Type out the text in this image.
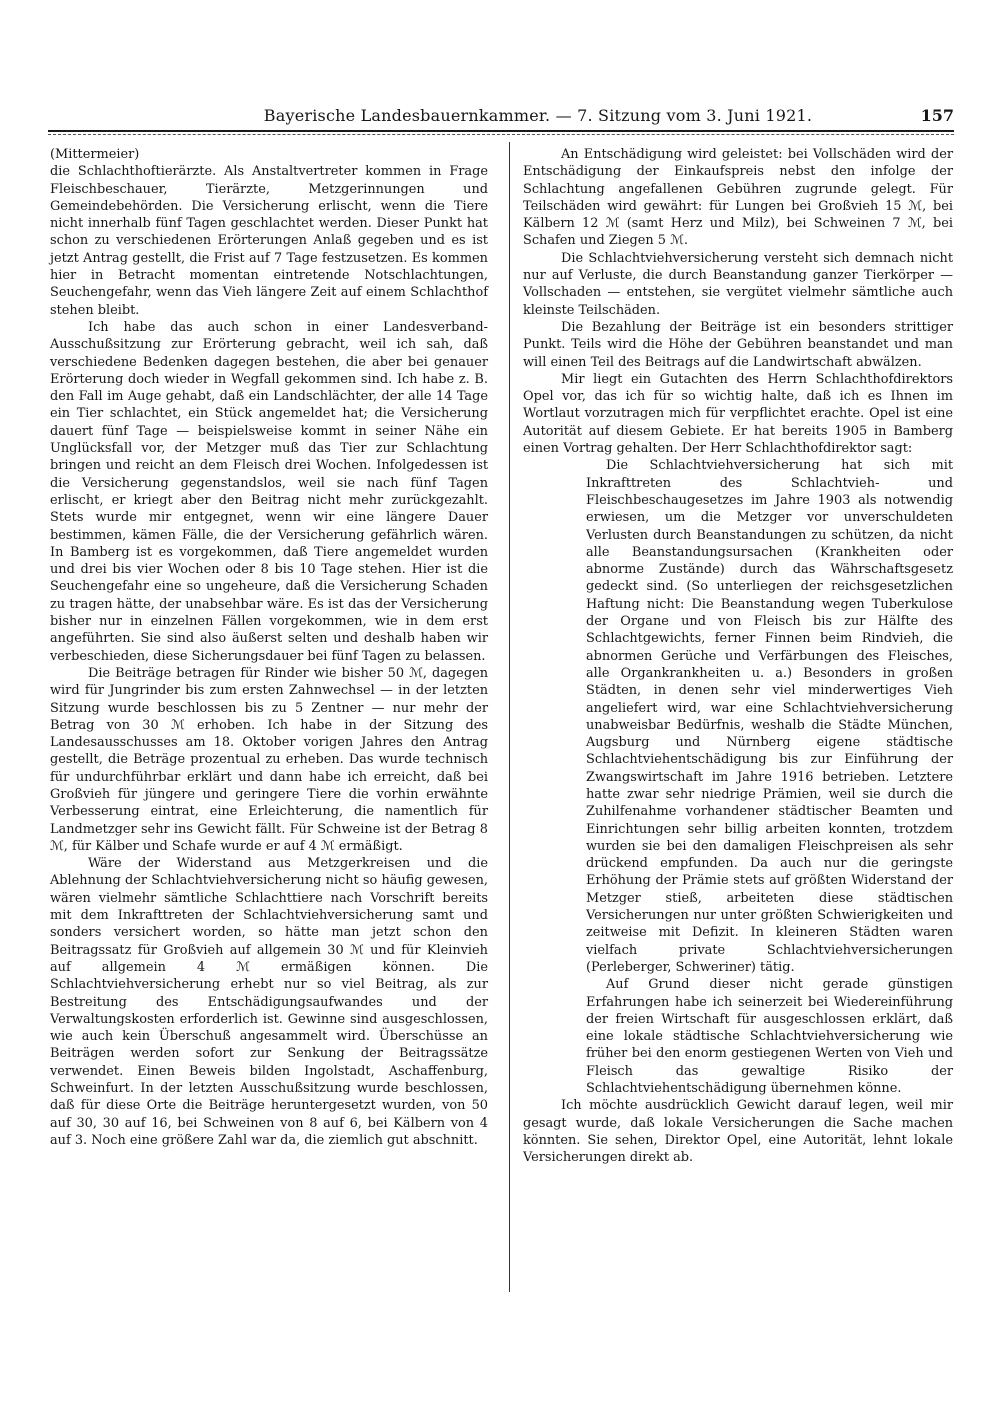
Bayerische Landesbauernkammer. — 7. Sitzung vom 3. Juni 1921.	157

(Mittermeier)

die Schlachthoftierärzte. Als Anstaltvertreter kommen in Frage Fleischbeschauer, Tierärzte, Metzgerinnungen und Gemeindebehörden. Die Versicherung erlischt, wenn die Tiere nicht innerhalb fünf Tagen geschlachtet werden. Dieser Punkt hat schon zu verschiedenen Erörterungen Anlaß gegeben und es ist jetzt Antrag gestellt, die Frist auf 7 Tage festzusetzen. Es kommen hier in Betracht momentan eintretende Notschlachtungen, Seuchengefahr, wenn das Vieh längere Zeit auf einem Schlachthof stehen bleibt.

Ich habe das auch schon in einer Landesverband-Ausschußsitzung zur Erörterung gebracht, weil ich sah, daß verschiedene Bedenken dagegen bestehen, die aber bei genauer Erörterung doch wieder in Wegfall gekommen sind. Ich habe z. B. den Fall im Auge gehabt, daß ein Landschlächter, der alle 14 Tage ein Tier schlachtet, ein Stück angemeldet hat; die Versicherung dauert fünf Tage — beispielsweise kommt in seiner Nähe ein Unglücksfall vor, der Metzger muß das Tier zur Schlachtung bringen und reicht an dem Fleisch drei Wochen. Infolgedessen ist die Versicherung gegenstandslos, weil sie nach fünf Tagen erlischt, er kriegt aber den Beitrag nicht mehr zurückgezahlt. Stets wurde mir entgegnet, wenn wir eine längere Dauer bestimmen, kämen Fälle, die der Versicherung gefährlich wären. In Bamberg ist es vorgekommen, daß Tiere angemeldet wurden und drei bis vier Wochen oder 8 bis 10 Tage stehen. Hier ist die Seuchengefahr eine so ungeheure, daß die Versicherung Schaden zu tragen hätte, der unabsehbar wäre. Es ist das der Versicherung bisher nur in einzelnen Fällen vorgekommen, wie in dem erst angeführten. Sie sind also äußerst selten und deshalb haben wir verbeschieden, diese Sicherungsdauer bei fünf Tagen zu belassen.

Die Beiträge betragen für Rinder wie bisher 50 ℳ, dagegen wird für Jungrinder bis zum ersten Zahnwechsel — in der letzten Sitzung wurde beschlossen bis zu 5 Zentner — nur mehr der Betrag von 30 ℳ erhoben. Ich habe in der Sitzung des Landesausschusses am 18. Oktober vorigen Jahres den Antrag gestellt, die Beträge prozentual zu erheben. Das wurde technisch für undurchführbar erklärt und dann habe ich erreicht, daß bei Großvieh für jüngere und geringere Tiere die vorhin erwähnte Verbesserung eintrat, eine Erleichterung, die namentlich für Landmetzger sehr ins Gewicht fällt. Für Schweine ist der Betrag 8 ℳ, für Kälber und Schafe wurde er auf 4 ℳ ermäßigt.

Wäre der Widerstand aus Metzgerkreisen und die Ablehnung der Schlachtviehversicherung nicht so häufig gewesen, wären vielmehr sämtliche Schlachttiere nach Vorschrift bereits mit dem Inkrafttreten der Schlachtviehversicherung samt und sonders versichert worden, so hätte man jetzt schon den Beitragssatz für Großvieh auf allgemein 30 ℳ und für Kleinvieh auf allgemein 4 ℳ ermäßigen können. Die Schlachtviehversicherung erhebt nur so viel Beitrag, als zur Bestreitung des Entschädigungsaufwandes und der Verwaltungskosten erforderlich ist. Gewinne sind ausgeschlossen, wie auch kein Überschuß angesammelt wird. Überschüsse an Beiträgen werden sofort zur Senkung der Beitragssätze verwendet. Einen Beweis bilden Ingolstadt, Aschaffenburg, Schweinfurt. In der letzten Ausschußsitzung wurde beschlossen, daß für diese Orte die Beiträge heruntergesetzt wurden, von 50 auf 30, 30 auf 16, bei Schweinen von 8 auf 6, bei Kälbern von 4 auf 3. Noch eine größere Zahl war da, die ziemlich gut abschnitt.

An Entschädigung wird geleistet: bei Vollschäden wird der Entschädigung der Einkaufspreis nebst den infolge der Schlachtung angefallenen Gebühren zugrunde gelegt. Für Teilschäden wird gewährt: für Lungen bei Großvieh 15 ℳ, bei Kälbern 12 ℳ (samt Herz und Milz), bei Schweinen 7 ℳ, bei Schafen und Ziegen 5 ℳ.

Die Schlachtviehversicherung versteht sich demnach nicht nur auf Verluste, die durch Beanstandung ganzer Tierkörper — Vollschaden — entstehen, sie vergütet vielmehr sämtliche auch kleinste Teilschäden.

Die Bezahlung der Beiträge ist ein besonders strittiger Punkt. Teils wird die Höhe der Gebühren beanstandet und man will einen Teil des Beitrags auf die Landwirtschaft abwälzen.

Mir liegt ein Gutachten des Herrn Schlachthofdirektors Opel vor, das ich für so wichtig halte, daß ich es Ihnen im Wortlaut vorzutragen mich für verpflichtet erachte. Opel ist eine Autorität auf diesem Gebiete. Er hat bereits 1905 in Bamberg einen Vortrag gehalten. Der Herr Schlachthofdirektor sagt:

Die Schlachtviehversicherung hat sich mit Inkrafttreten des Schlachtvieh- und Fleischbeschaugesetzes im Jahre 1903 als notwendig erwiesen, um die Metzger vor unverschuldeten Verlusten durch Beanstandungen zu schützen, da nicht alle Beanstandungsursachen (Krankheiten oder abnorme Zustände) durch das Währschaftsgesetz gedeckt sind. (So unterliegen der reichsgesetzlichen Haftung nicht: Die Beanstandung wegen Tuberkulose der Organe und von Fleisch bis zur Hälfte des Schlachtgewichts, ferner Finnen beim Rindvieh, die abnormen Gerüche und Verfärbungen des Fleisches, alle Organkrankheiten u. a.) Besonders in großen Städten, in denen sehr viel minderwertiges Vieh angeliefert wird, war eine Schlachtviehversicherung unabweisbar Bedürfnis, weshalb die Städte München, Augsburg und Nürnberg eigene städtische Schlachtviehentschädigung bis zur Einführung der Zwangswirtschaft im Jahre 1916 betrieben. Letztere hatte zwar sehr niedrige Prämien, weil sie durch die Zuhilfenahme vorhandener städtischer Beamten und Einrichtungen sehr billig arbeiten konnten, trotzdem wurden sie bei den damaligen Fleischpreisen als sehr drückend empfunden. Da auch nur die geringste Erhöhung der Prämie stets auf größten Widerstand der Metzger stieß, arbeiteten diese städtischen Versicherungen nur unter größten Schwierigkeiten und zeitweise mit Defizit. In kleineren Städten waren vielfach private Schlachtviehversicherungen (Perleberger, Schweriner) tätig.

Auf Grund dieser nicht gerade günstigen Erfahrungen habe ich seinerzeit bei Wiedereinführung der freien Wirtschaft für ausgeschlossen erklärt, daß eine lokale städtische Schlachtviehversicherung wie früher bei den enorm gestiegenen Werten von Vieh und Fleisch das gewaltige Risiko der Schlachtviehentschädigung übernehmen könne.

Ich möchte ausdrücklich Gewicht darauf legen, weil mir gesagt wurde, daß lokale Versicherungen die Sache machen könnten. Sie sehen, Direktor Opel, eine Autorität, lehnt lokale Versicherungen direkt ab.
